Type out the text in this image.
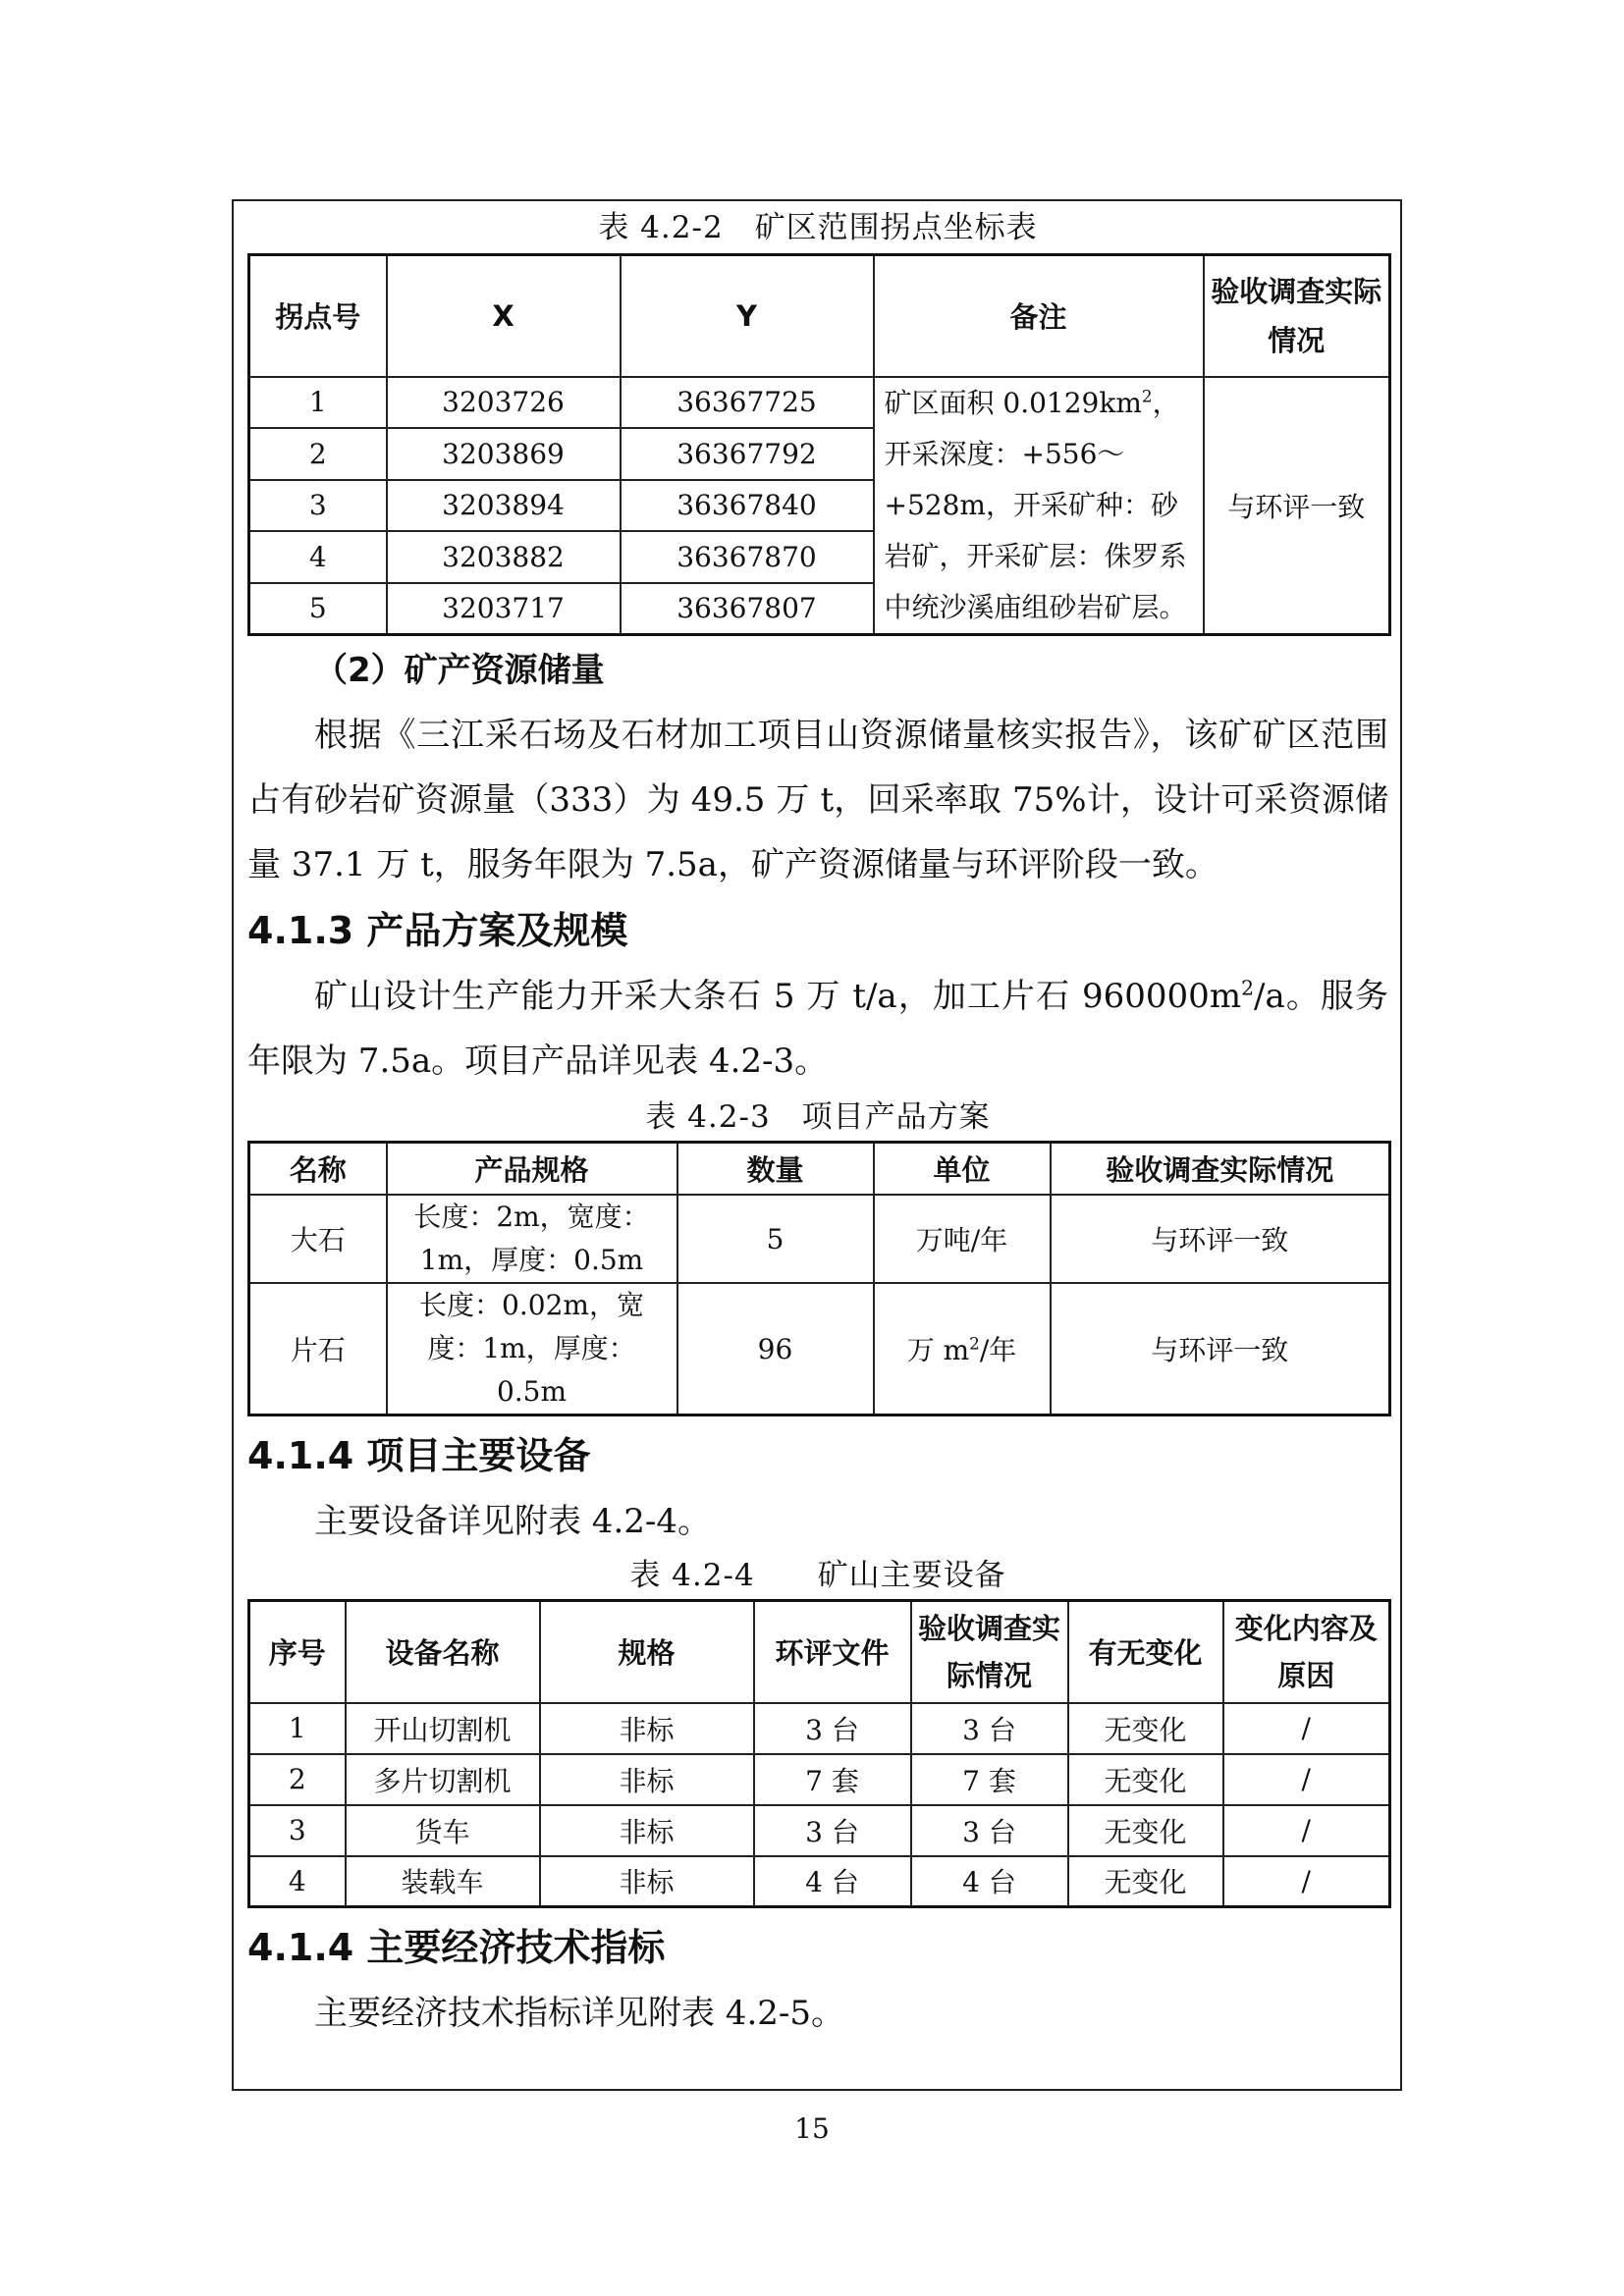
表 4.2-2　矿区范围拐点坐标表
拐点号	X	Y	备注	验收调查实际情况
1	3203726	36367725	矿区面积 $0.0129km^2$，开采深度：+556～+528m，开采矿种：砂岩矿，开采矿层：侏罗系中统沙溪庙组砂岩矿层。	与环评一致
2	3203869	36367792		
3	3203894	36367840		
4	3203882	36367870		
5	3203717	36367807		
（2）矿产资源储量
根据《三江采石场及石材加工项目山资源储量核实报告》，该矿矿区范围占有砂岩矿资源量（333）为 49.5 万 t，回采率取 75%计，设计可采资源储量 37.1 万 t，服务年限为 7.5a，矿产资源储量与环评阶段一致。
4.1.3 产品方案及规模
矿山设计生产能力开采大条石 5 万 t/a，加工片石 $960000m^2/a$。服务年限为 7.5a。项目产品详见表 4.2-3。
表 4.2-3　项目产品方案
名称	产品规格	数量	单位	验收调查实际情况
大石	长度：2m，宽度：1m，厚度：0.5m	5	万吨/年	与环评一致
片石	长度：0.02m，宽度：1m，厚度：0.5m	96	万 $m^2/$年	与环评一致
4.1.4 项目主要设备
主要设备详见附表 4.2-4。
表 4.2-4　　矿山主要设备
序号	设备名称	规格	环评文件	验收调查实际情况	有无变化	变化内容及原因
1	开山切割机	非标	3 台	3 台	无变化	/
2	多片切割机	非标	7 套	7 套	无变化	/
3	货车	非标	3 台	3 台	无变化	/
4	装载车	非标	4 台	4 台	无变化	/
4.1.4 主要经济技术指标
主要经济技术指标详见附表 4.2-5。
15
